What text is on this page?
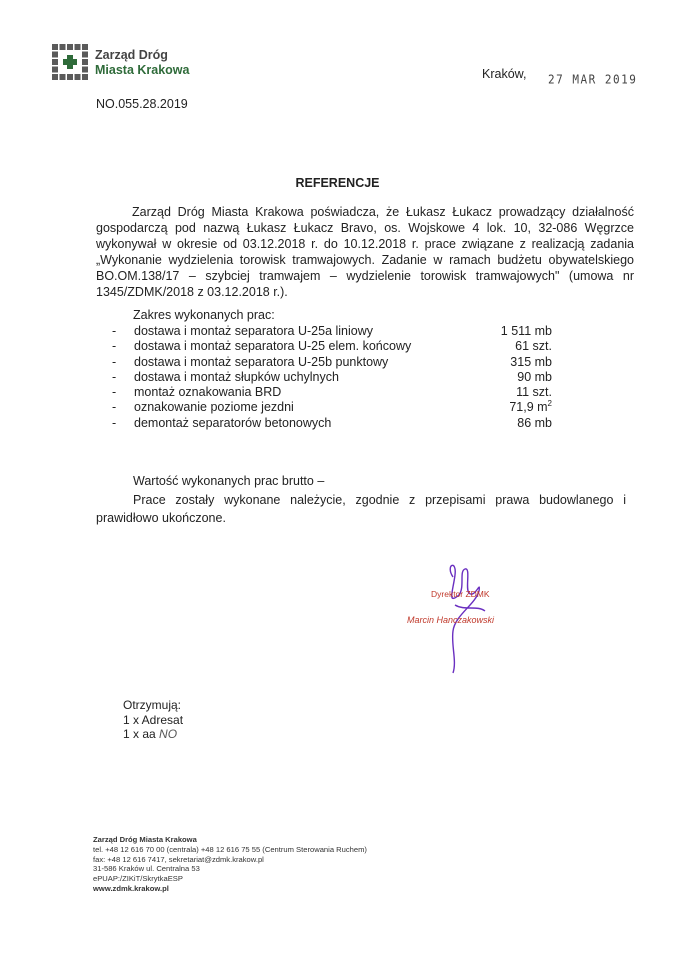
Zarząd Dróg
Miasta Krakowa	Kraków, 27 MAR 2019
NO.055.28.2019
REFERENCJE

Zarząd Dróg Miasta Krakowa poświadcza, że Łukasz Łukacz prowadzący działalność gospodarczą pod nazwą Łukasz Łukacz Bravo, os. Wojskowe 4 lok. 10, 32-086 Węgrzce wykonywał w okresie od 03.12.2018 r. do 10.12.2018 r. prace związane z realizacją zadania „Wykonanie wydzielenia torowisk tramwajowych. Zadanie w ramach budżetu obywatelskiego BO.OM.138/17 – szybciej tramwajem – wydzielenie torowisk tramwajowych" (umowa nr 1345/ZDMK/2018 z 03.12.2018 r.).

Zakres wykonanych prac:
- dostawa i montaż separatora U-25a liniowy	1 511 mb
- dostawa i montaż separatora U-25 elem. końcowy	61 szt.
- dostawa i montaż separatora U-25b punktowy	315 mb
- dostawa i montaż słupków uchylnych	90 mb
- montaż oznakowania BRD	11 szt.
- oznakowanie poziome jezdni	71,9 $m^2$
- demontaż separatorów betonowych	86 mb
Wartość wykonanych prac brutto –

Prace zostały wykonane należycie, zgodnie z przepisami prawa budowlanego i prawidłowo ukończone.

Dyrektor ZDMK
Marcin Hanczakowski
Otrzymują:
1 x Adresat
1 x aa NO
Zarząd Dróg Miasta Krakowa
tel. +48 12 616 70 00 (centrala) +48 12 616 75 55 (Centrum Sterowania Ruchem)
fax: +48 12 616 7417, sekretariat@zdmk.krakow.pl
31-586 Kraków ul. Centralna 53
ePUAP:/ZIKiT/SkrytkaESP
www.zdmk.krakow.pl
